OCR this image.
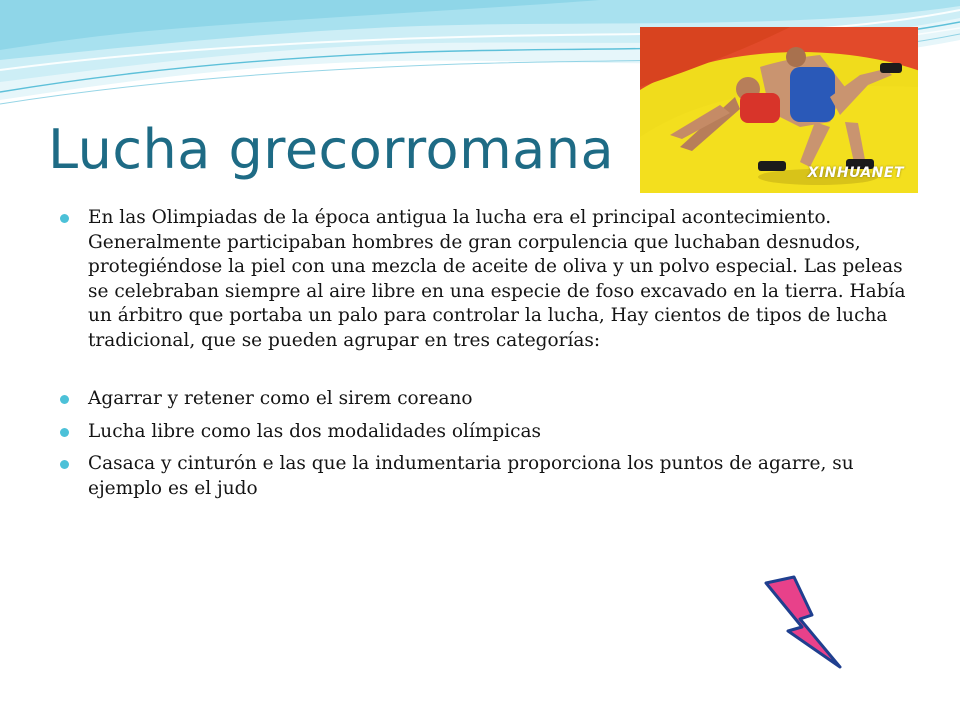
XINHUANET
Lucha grecorromana
En las Olimpiadas de la época antigua la lucha era el principal acontecimiento. Generalmente participaban hombres de gran corpulencia que luchaban desnudos, protegiéndose la piel con una mezcla de aceite de oliva y un polvo especial. Las peleas se celebraban siempre al aire libre en una especie de foso excavado en la tierra. Había un árbitro que portaba un palo para controlar la lucha, Hay cientos de tipos de lucha tradicional, que se pueden agrupar en tres categorías:
Agarrar y retener como el sirem coreano
Lucha libre como las dos modalidades olímpicas
Casaca y cinturón e las que la indumentaria proporciona los puntos de agarre, su ejemplo es el judo
